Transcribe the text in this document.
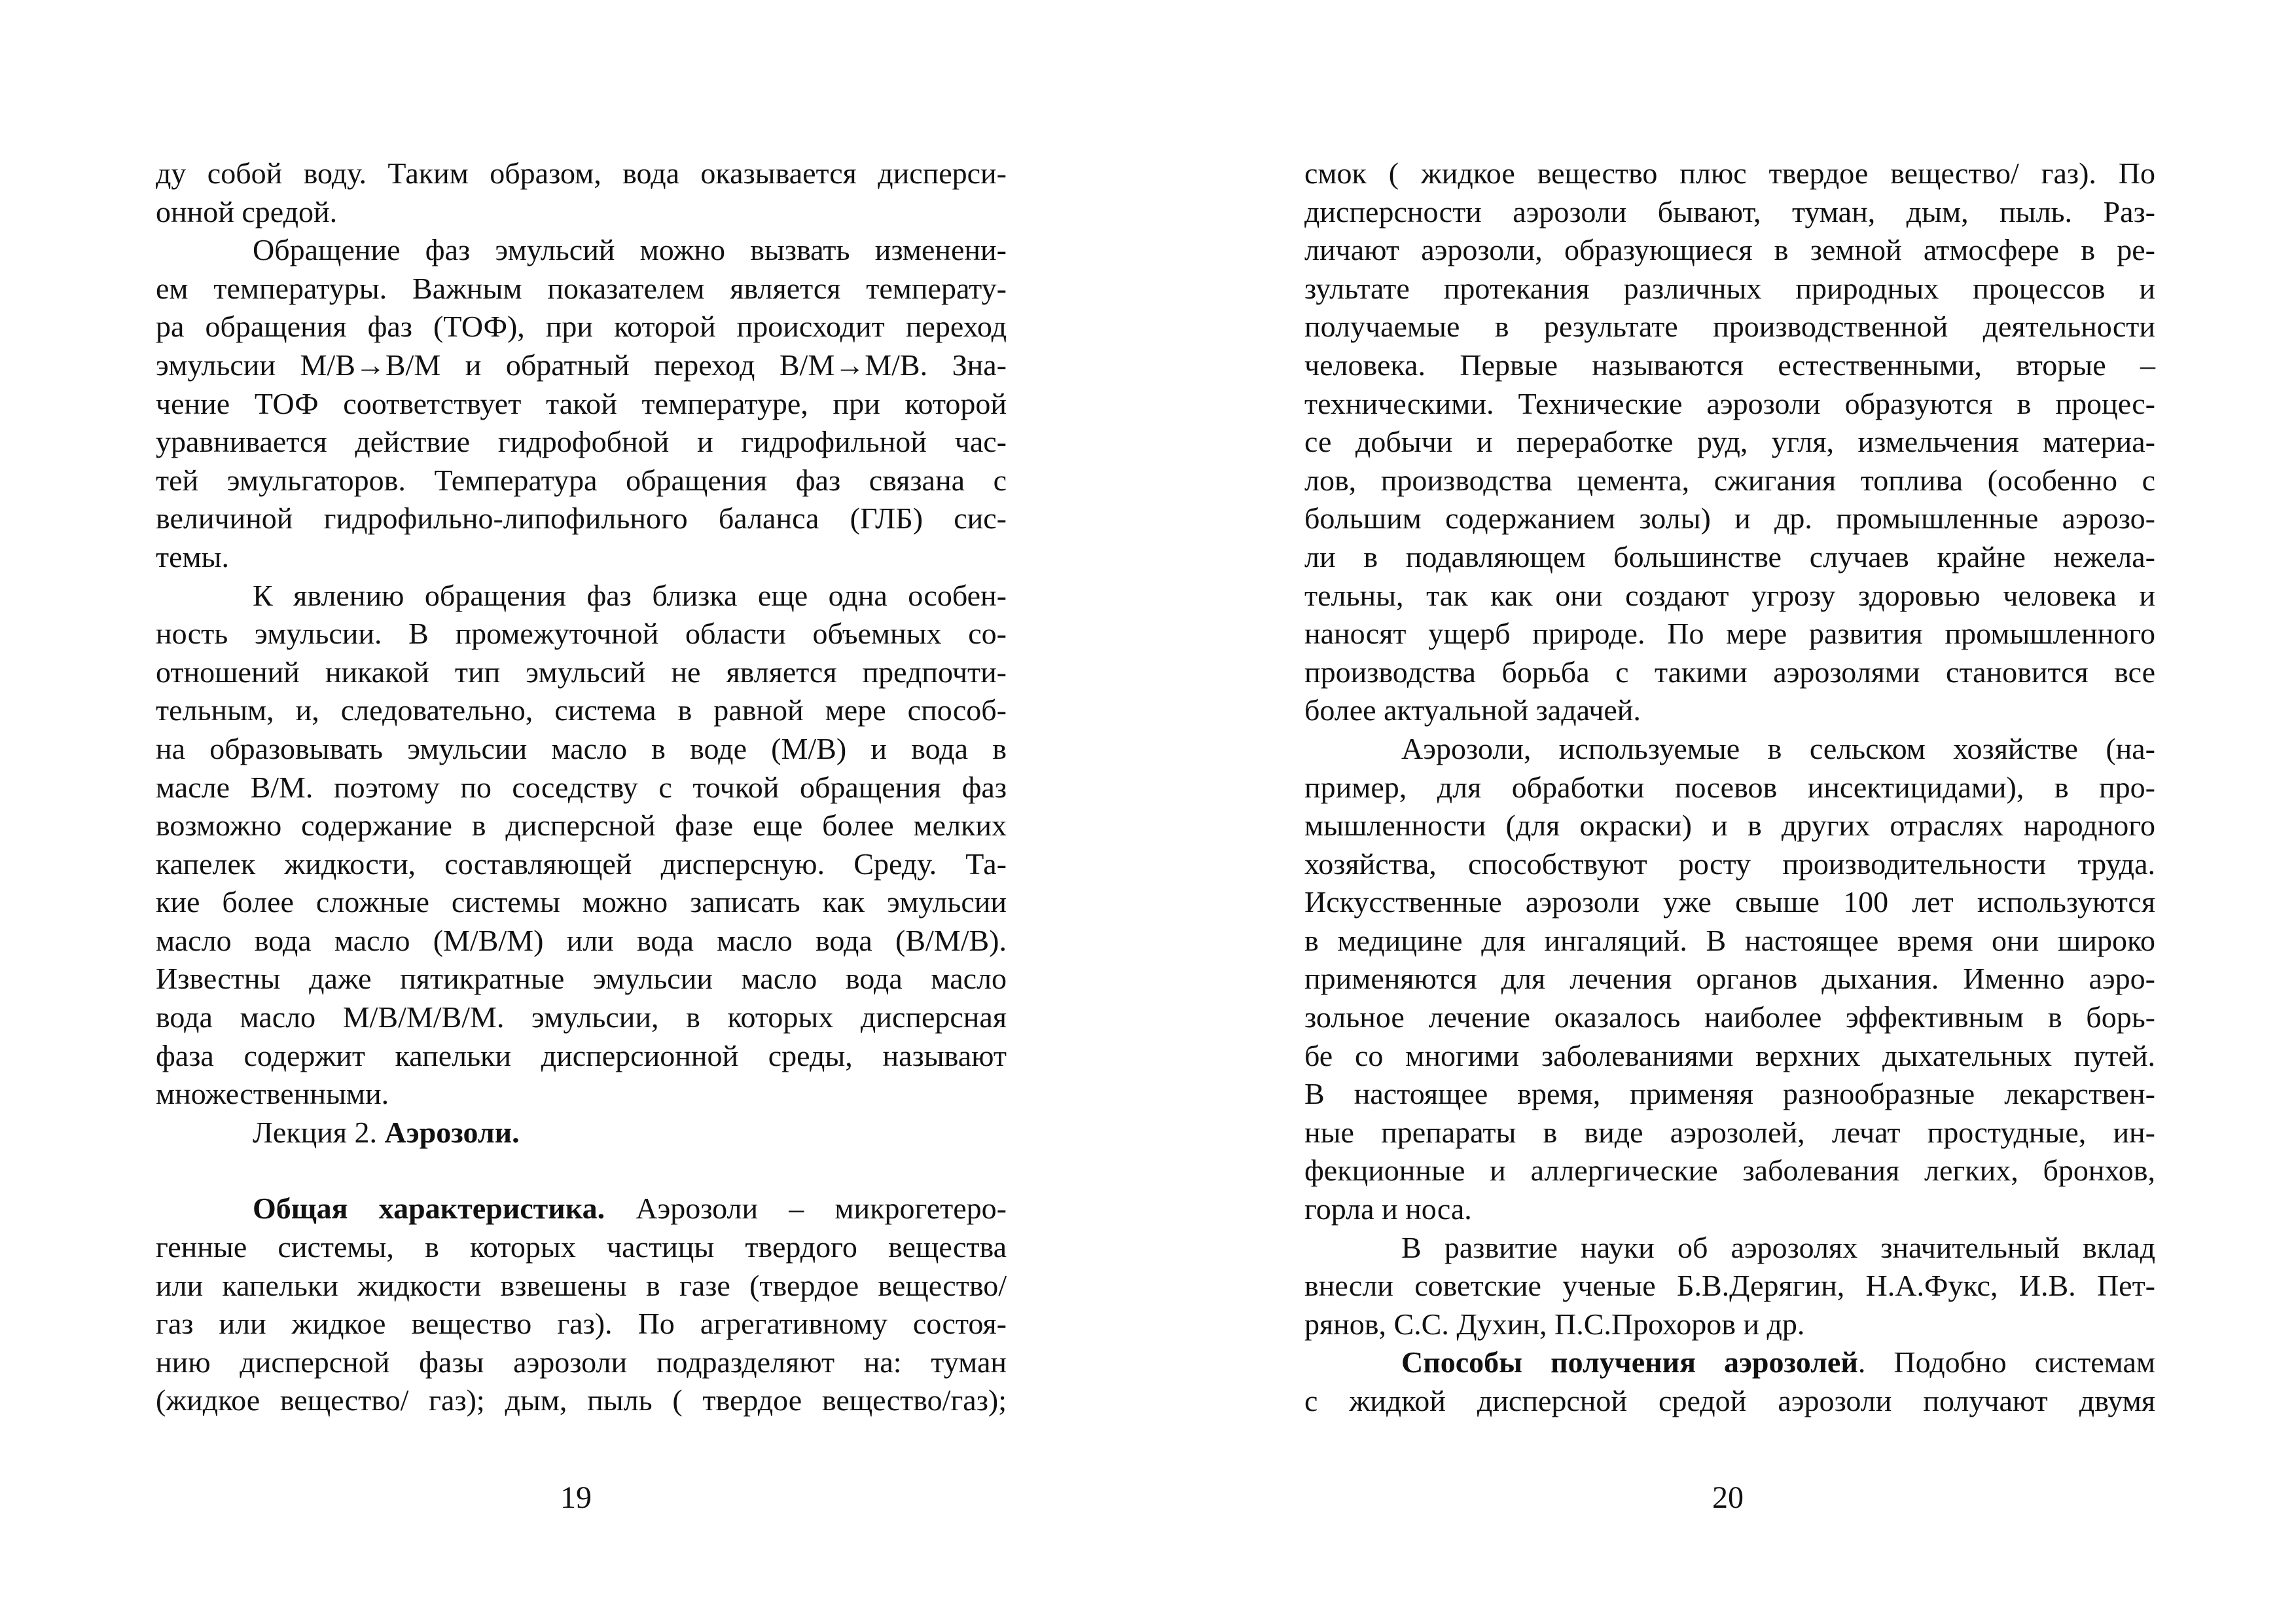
ду собой воду. Таким образом, вода оказывается дисперси-
онной средой.
Обращение фаз эмульсий можно вызвать изменени-
ем температуры. Важным показателем является температу-
ра обращения фаз (ТОФ), при которой происходит переход
эмульсии М/В→В/М и обратный переход В/М→М/В. Зна-
чение ТОФ соответствует такой температуре, при которой
уравнивается действие гидрофобной и гидрофильной час-
тей эмульгаторов. Температура обращения фаз связана с
величиной гидрофильно-липофильного баланса (ГЛБ) сис-
темы.
К явлению обращения фаз близка еще одна особен-
ность эмульсии. В промежуточной области объемных со-
отношений никакой тип эмульсий не является предпочти-
тельным, и, следовательно, система в равной мере способ-
на образовывать эмульсии масло в воде (М/В) и вода в
масле В/М. поэтому по соседству с точкой обращения фаз
возможно содержание в дисперсной фазе еще более мелких
капелек жидкости, составляющей дисперсную. Среду. Та-
кие более сложные системы можно записать как эмульсии
масло вода масло (М/В/М) или вода масло вода (В/М/В).
Известны даже пятикратные эмульсии масло вода масло
вода масло М/В/М/В/М. эмульсии, в которых дисперсная
фаза содержит капельки дисперсионной среды, называют
множественными.
Лекция 2. Аэрозоли.
Общая характеристика. Аэрозоли – микрогетеро-
генные системы, в которых частицы твердого вещества
или капельки жидкости взвешены в газе (твердое вещество/
газ или жидкое вещество газ). По агрегативному состоя-
нию дисперсной фазы аэрозоли подразделяют на: туман
(жидкое вещество/ газ); дым, пыль ( твердое вещество/газ);
смок ( жидкое вещество плюс твердое вещество/ газ). По
дисперсности аэрозоли бывают, туман, дым, пыль. Раз-
личают аэрозоли, образующиеся в земной атмосфере в ре-
зультате протекания различных природных процессов и
получаемые в результате производственной деятельности
человека. Первые называются естественными, вторые –
техническими. Технические аэрозоли образуются в процес-
се добычи и переработке руд, угля, измельчения материа-
лов, производства цемента, сжигания топлива (особенно с
большим содержанием золы) и др. промышленные аэрозо-
ли в подавляющем большинстве случаев крайне нежела-
тельны, так как они создают угрозу здоровью человека и
наносят ущерб природе. По мере развития промышленного
производства борьба с такими аэрозолями становится все
более актуальной задачей.
Аэрозоли, используемые в сельском хозяйстве (на-
пример, для обработки посевов инсектицидами), в про-
мышленности (для окраски) и в других отраслях народного
хозяйства, способствуют росту производительности труда.
Искусственные аэрозоли уже свыше 100 лет используются
в медицине для ингаляций. В настоящее время они широко
применяются для лечения органов дыхания. Именно аэро-
зольное лечение оказалось наиболее эффективным в борь-
бе со многими заболеваниями верхних дыхательных путей.
В настоящее время, применяя разнообразные лекарствен-
ные препараты в виде аэрозолей, лечат простудные, ин-
фекционные и аллергические заболевания легких, бронхов,
горла и носа.
В развитие науки об аэрозолях значительный вклад
внесли советские ученые Б.В.Дерягин, Н.А.Фукс, И.В. Пет-
рянов, С.С. Духин, П.С.Прохоров и др.
Способы получения аэрозолей. Подобно системам
с жидкой дисперсной средой аэрозоли получают двумя
19	20
